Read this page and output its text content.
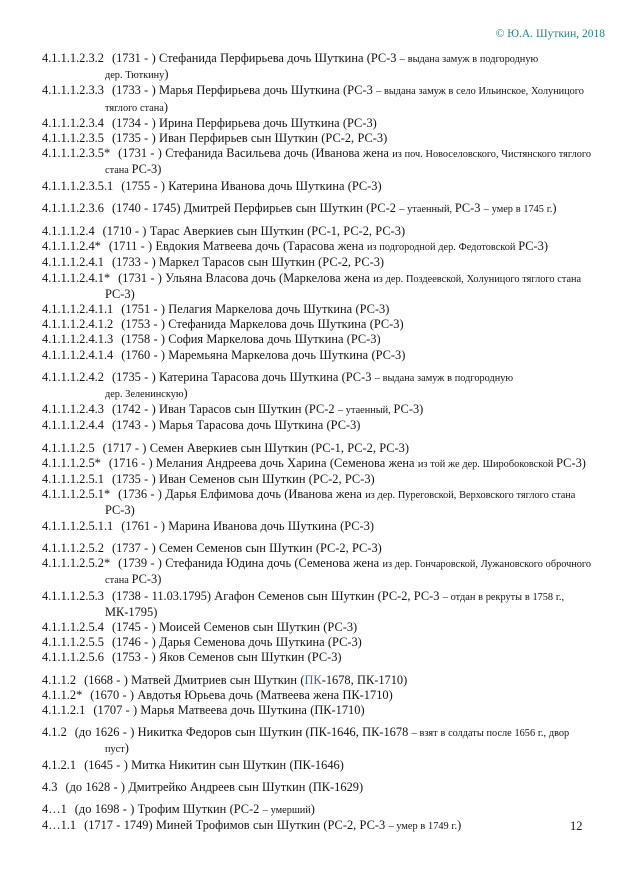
© Ю.А. Шуткин, 2018
4.1.1.1.2.3.2 (1731 - ) Стефанида Перфирьева дочь Шуткина (РС-3 – выдана замуж в подгородную дер. Тюткину)
4.1.1.1.2.3.3 (1733 - ) Марья Перфирьева дочь Шуткина (РС-3 – выдана замуж в село Ильинское, Холуницого тяглого стана)
4.1.1.1.2.3.4 (1734 - ) Ирина Перфирьева дочь Шуткина (РС-3)
4.1.1.1.2.3.5 (1735 - ) Иван Перфирьев сын Шуткин (РС-2, РС-3)
4.1.1.1.2.3.5* (1731 - ) Стефанида Васильева дочь (Иванова жена из поч. Новоселовского, Чистянского тяглого стана РС-3)
4.1.1.1.2.3.5.1 (1755 - ) Катерина Иванова дочь Шуткина (РС-3)
4.1.1.1.2.3.6 (1740 - 1745) Дмитрей Перфирьев сын Шуткин (РС-2 – утаенный, РС-3 – умер в 1745 г.)
4.1.1.1.2.4 (1710 - ) Тарас Аверкиев сын Шуткин (РС-1, РС-2, РС-3)
4.1.1.1.2.4* (1711 - ) Евдокия Матвеева дочь (Тарасова жена из подгородной дер. Федотовской РС-3)
4.1.1.1.2.4.1 (1733 - ) Маркел Тарасов сын Шуткин (РС-2, РС-3)
4.1.1.1.2.4.1* (1731 - ) Ульяна Власова дочь (Маркелова жена из дер. Поздеевской, Холуницого тяглого стана РС-3)
4.1.1.1.2.4.1.1 (1751 - ) Пелагия Маркелова дочь Шуткина (РС-3)
4.1.1.1.2.4.1.2 (1753 - ) Стефанида Маркелова дочь Шуткина (РС-3)
4.1.1.1.2.4.1.3 (1758 - ) София Маркелова дочь Шуткина (РС-3)
4.1.1.1.2.4.1.4 (1760 - ) Маремьяна Маркелова дочь Шуткина (РС-3)
4.1.1.1.2.4.2 (1735 - ) Катерина Тарасова дочь Шуткина (РС-3 – выдана замуж в подгородную дер. Зеленинскую)
4.1.1.1.2.4.3 (1742 - ) Иван Тарасов сын Шуткин (РС-2 – утаенный, РС-3)
4.1.1.1.2.4.4 (1743 - ) Марья Тарасова дочь Шуткина (РС-3)
4.1.1.1.2.5 (1717 - ) Семен Аверкиев сын Шуткин (РС-1, РС-2, РС-3)
4.1.1.1.2.5* (1716 - ) Мелания Андреева дочь Харина (Семенова жена из той же дер. Широбоковской РС-3)
4.1.1.1.2.5.1 (1735 - ) Иван Семенов сын Шуткин (РС-2, РС-3)
4.1.1.1.2.5.1* (1736 - ) Дарья Елфимова дочь (Иванова жена из дер. Пуреговской, Верховского тяглого стана РС-3)
4.1.1.1.2.5.1.1 (1761 - ) Марина Иванова дочь Шуткина (РС-3)
4.1.1.1.2.5.2 (1737 - ) Семен Семенов сын Шуткин (РС-2, РС-3)
4.1.1.1.2.5.2* (1739 - ) Стефанида Юдина дочь (Семенова жена из дер. Гончаровской, Лужановского оброчного стана РС-3)
4.1.1.1.2.5.3 (1738 - 11.03.1795) Агафон Семенов сын Шуткин (РС-2, РС-3 – отдан в рекруты в 1758 г., МК-1795)
4.1.1.1.2.5.4 (1745 - ) Моисей Семенов сын Шуткин (РС-3)
4.1.1.1.2.5.5 (1746 - ) Дарья Семенова дочь Шуткина (РС-3)
4.1.1.1.2.5.6 (1753 - ) Яков Семенов сын Шуткин (РС-3)
4.1.1.2 (1668 - ) Матвей Дмитриев сын Шуткин (ПК-1678, ПК-1710)
4.1.1.2* (1670 - ) Авдотья Юрьева дочь (Матвеева жена ПК-1710)
4.1.1.2.1 (1707 - ) Марья Матвеева дочь Шуткина (ПК-1710)
4.1.2 (до 1626 - ) Никитка Федоров сын Шуткин (ПК-1646, ПК-1678 – взят в солдаты после 1656 г., двор пуст)
4.1.2.1 (1645 - ) Митка Никитин сын Шуткин (ПК-1646)
4.3 (до 1628 - ) Дмитрейко Андреев сын Шуткин (ПК-1629)
4…1 (до 1698 - ) Трофим Шуткин (РС-2 – умерший)
4…1.1 (1717 - 1749) Миней Трофимов сын Шуткин (РС-2, РС-3 – умер в 1749 г.)	12
